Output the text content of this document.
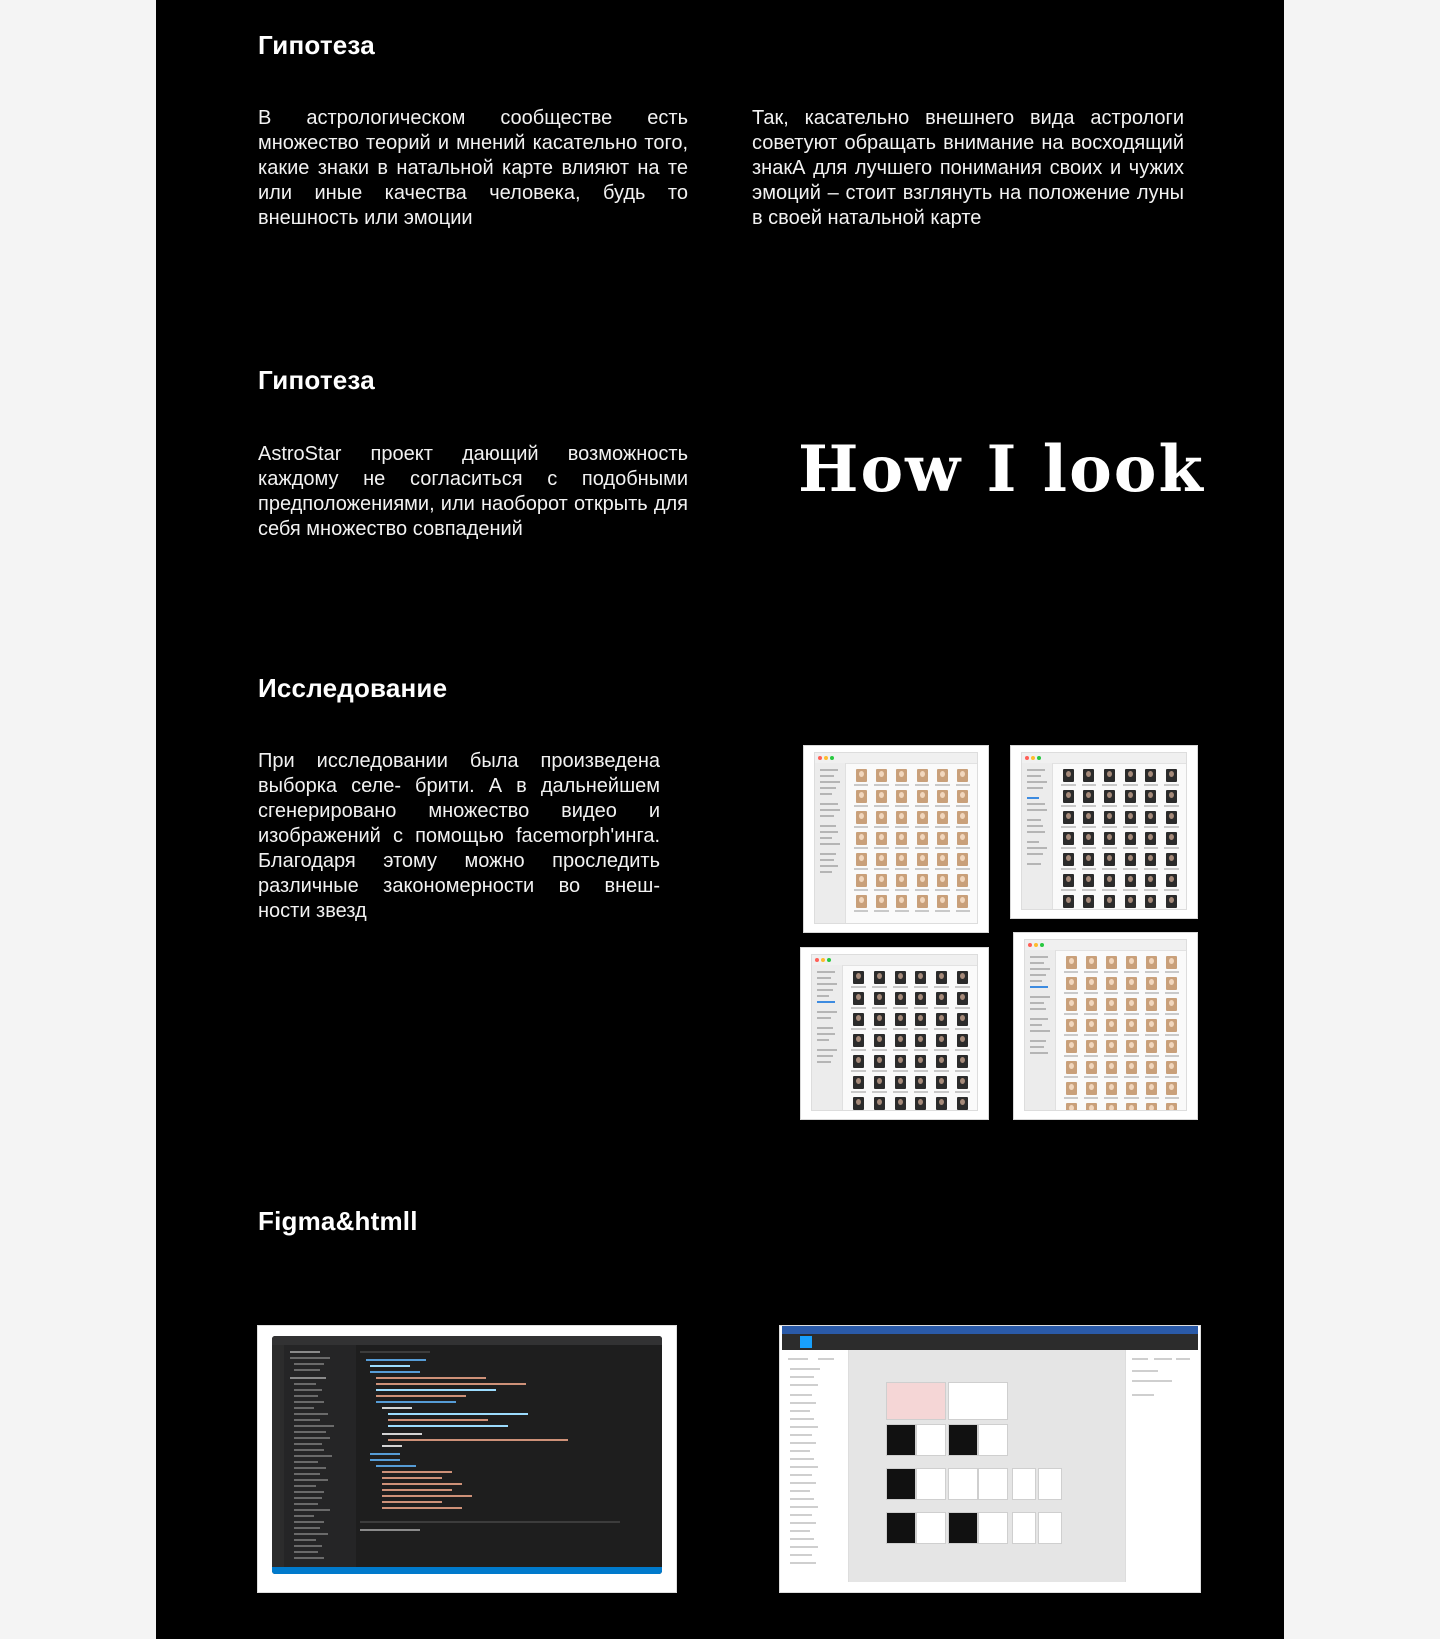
Гипотеза

В астрологическом сообществе есть множество теорий и мнений касательно того, какие знаки в натальной карте влияют на те или иные качества человека, будь то внешность или эмоции

Так, касательно внешнего вида астрологи советуют обращать внимание на восходящий знакА для лучшего понимания своих и чужих эмоций – стоит взглянуть на положение луны в своей натальной карте

Гипотеза

AstroStar проект дающий возможность каждому не согласиться с подобными предположениями, или наоборот открыть для себя множество совпадений

How I look
Исследование

При исследовании была произведена выборка селе- брити. А в дальнейшем сгенерировано множество видео и изображений с помощью facemorph'инга. Благодаря этому можно проследить различные закономерности во внеш- ности звезд

Figma&htmll
